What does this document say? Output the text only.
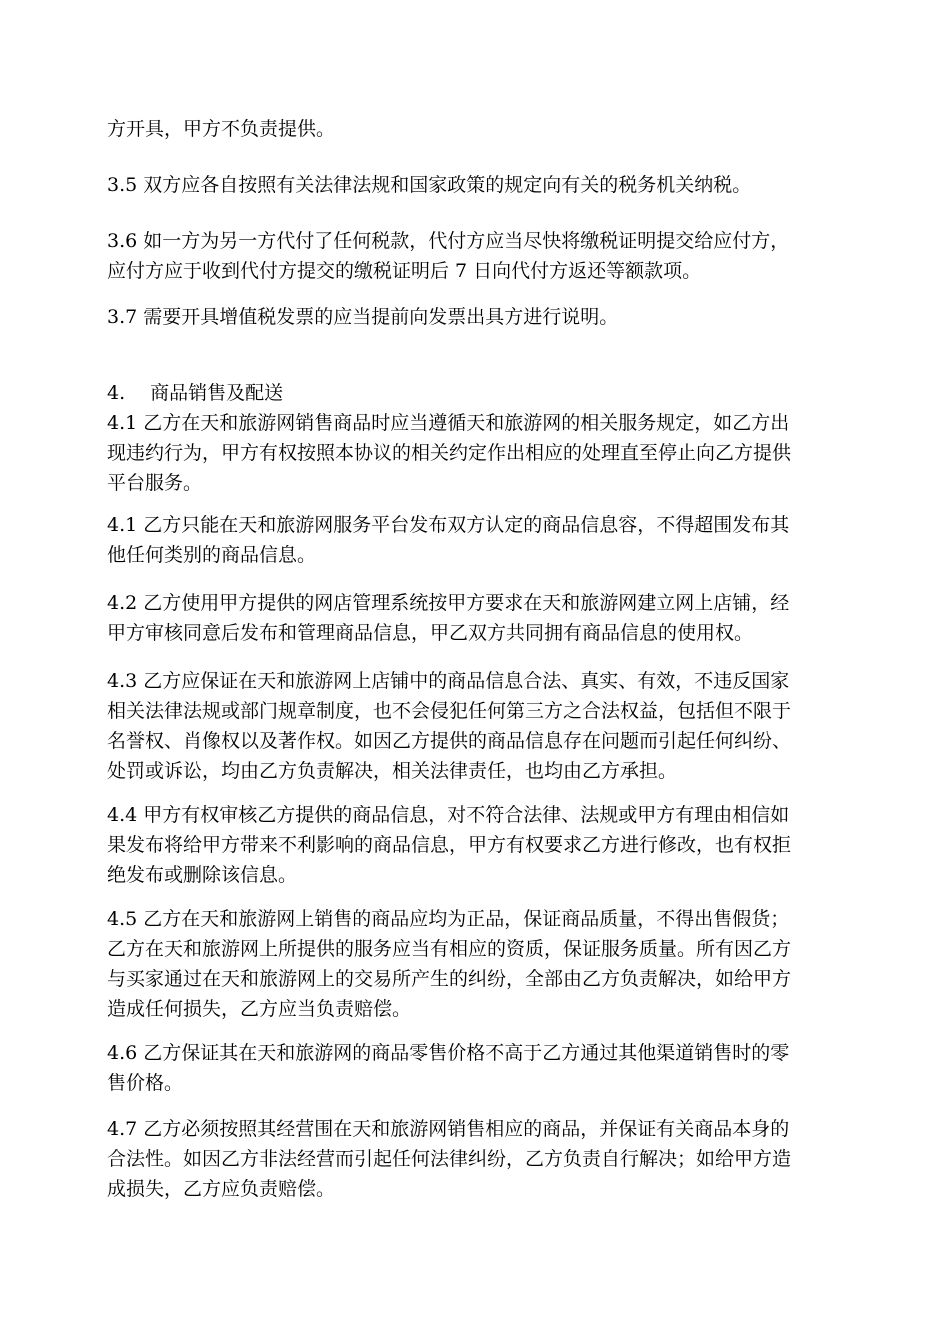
方开具，甲方不负责提供。
3.5 双方应各自按照有关法律法规和国家政策的规定向有关的税务机关纳税。
3.6 如一方为另一方代付了任何税款，代付方应当尽快将缴税证明提交给应付方，
应付方应于收到代付方提交的缴税证明后 7 日向代付方返还等额款项。
3.7 需要开具增值税发票的应当提前向发票出具方进行说明。
4.　 商品销售及配送
4.1 乙方在天和旅游网销售商品时应当遵循天和旅游网的相关服务规定，如乙方出
现违约行为，甲方有权按照本协议的相关约定作出相应的处理直至停止向乙方提供
平台服务。
4.1 乙方只能在天和旅游网服务平台发布双方认定的商品信息容，不得超围发布其
他任何类别的商品信息。
4.2 乙方使用甲方提供的网店管理系统按甲方要求在天和旅游网建立网上店铺，经
甲方审核同意后发布和管理商品信息，甲乙双方共同拥有商品信息的使用权。
4.3 乙方应保证在天和旅游网上店铺中的商品信息合法、真实、有效，不违反国家
相关法律法规或部门规章制度，也不会侵犯任何第三方之合法权益，包括但不限于
名誉权、肖像权以及著作权。如因乙方提供的商品信息存在问题而引起任何纠纷、
处罚或诉讼，均由乙方负责解决，相关法律责任，也均由乙方承担。
4.4 甲方有权审核乙方提供的商品信息，对不符合法律、法规或甲方有理由相信如
果发布将给甲方带来不利影响的商品信息，甲方有权要求乙方进行修改，也有权拒
绝发布或删除该信息。
4.5 乙方在天和旅游网上销售的商品应均为正品，保证商品质量，不得出售假货；
乙方在天和旅游网上所提供的服务应当有相应的资质，保证服务质量。所有因乙方
与买家通过在天和旅游网上的交易所产生的纠纷，全部由乙方负责解决，如给甲方
造成任何损失，乙方应当负责赔偿。
4.6 乙方保证其在天和旅游网的商品零售价格不高于乙方通过其他渠道销售时的零
售价格。
4.7 乙方必须按照其经营围在天和旅游网销售相应的商品，并保证有关商品本身的
合法性。如因乙方非法经营而引起任何法律纠纷，乙方负责自行解决；如给甲方造
成损失，乙方应负责赔偿。
